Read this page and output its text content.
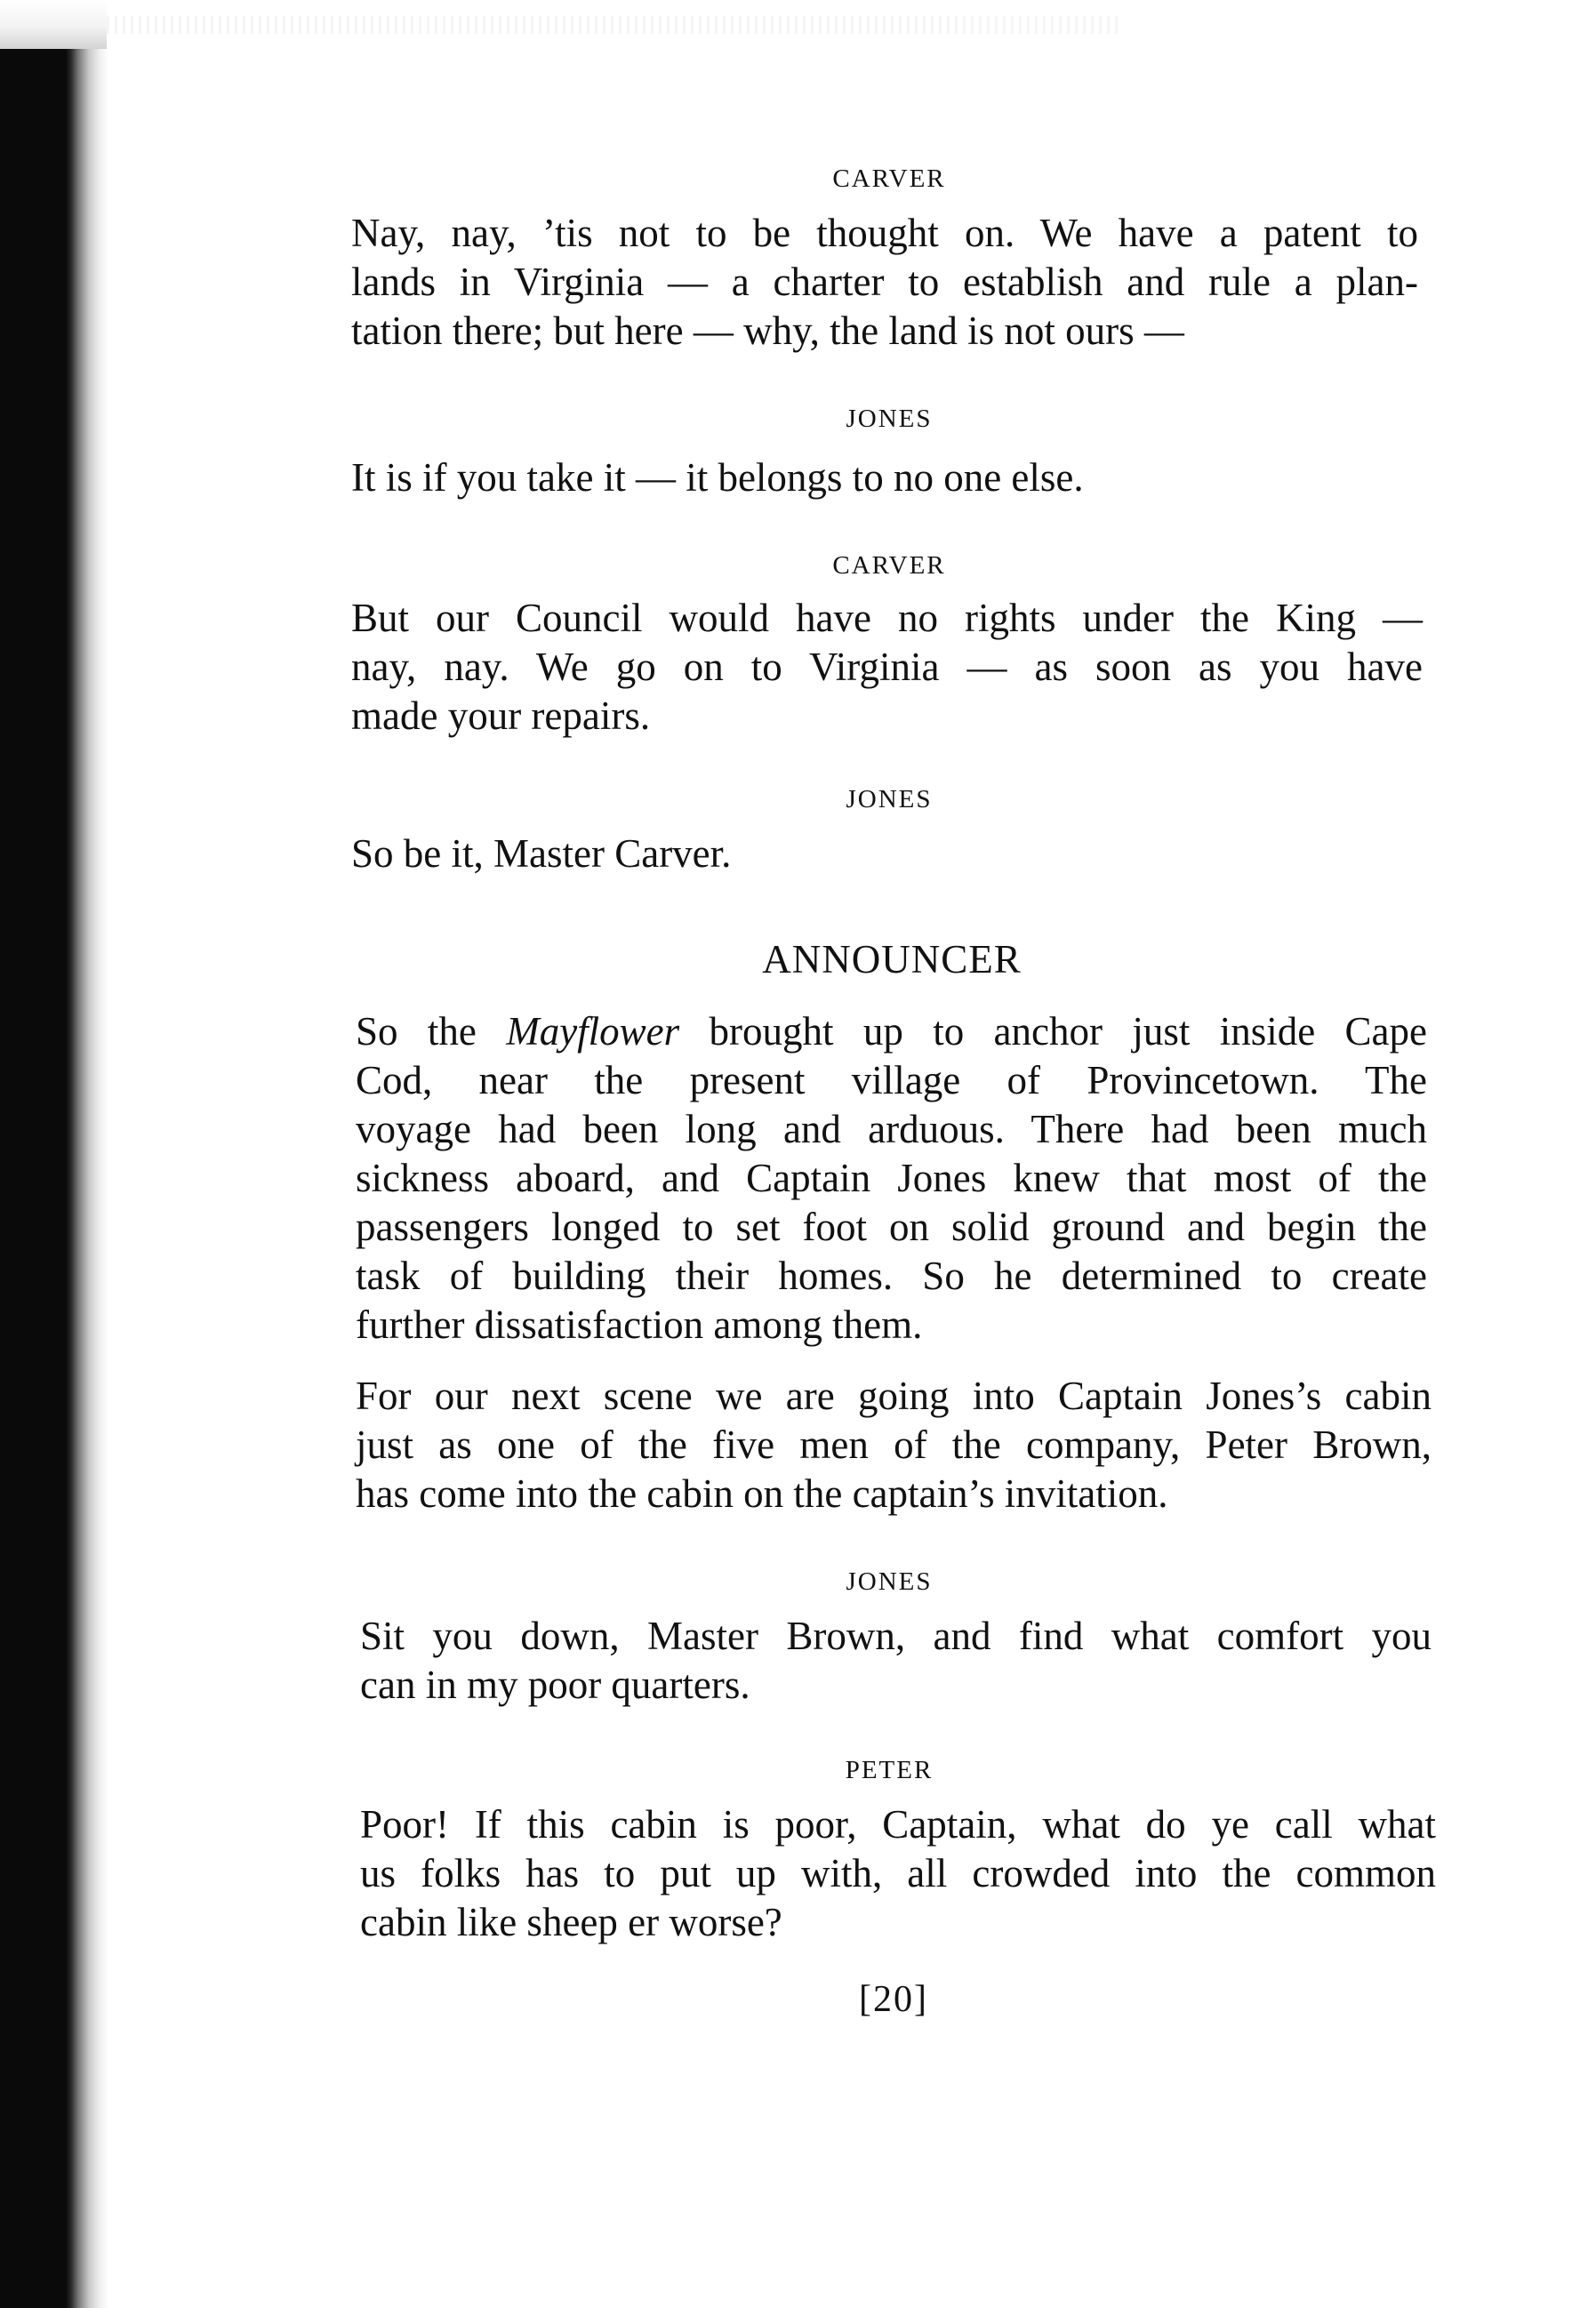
CARVER

Nay, nay, ’tis not to be thought on. We have a patent to

lands in Virginia — a charter to establish and rule a plan-

tation there; but here — why, the land is not ours —

JONES

It is if you take it — it belongs to no one else.

CARVER

But our Council would have no rights under the King —

nay, nay. We go on to Virginia — as soon as you have

made your repairs.

JONES

So be it, Master Carver.

ANNOUNCER

So the Mayflower brought up to anchor just inside Cape

Cod, near the present village of Provincetown. The

voyage had been long and arduous. There had been much

sickness aboard, and Captain Jones knew that most of the

passengers longed to set foot on solid ground and begin the

task of building their homes. So he determined to create

further dissatisfaction among them.

For our next scene we are going into Captain Jones’s cabin

just as one of the five men of the company, Peter Brown,

has come into the cabin on the captain’s invitation.

JONES

Sit you down, Master Brown, and find what comfort you

can in my poor quarters.

PETER

Poor! If this cabin is poor, Captain, what do ye call what

us folks has to put up with, all crowded into the common

cabin like sheep er worse?

[20]
